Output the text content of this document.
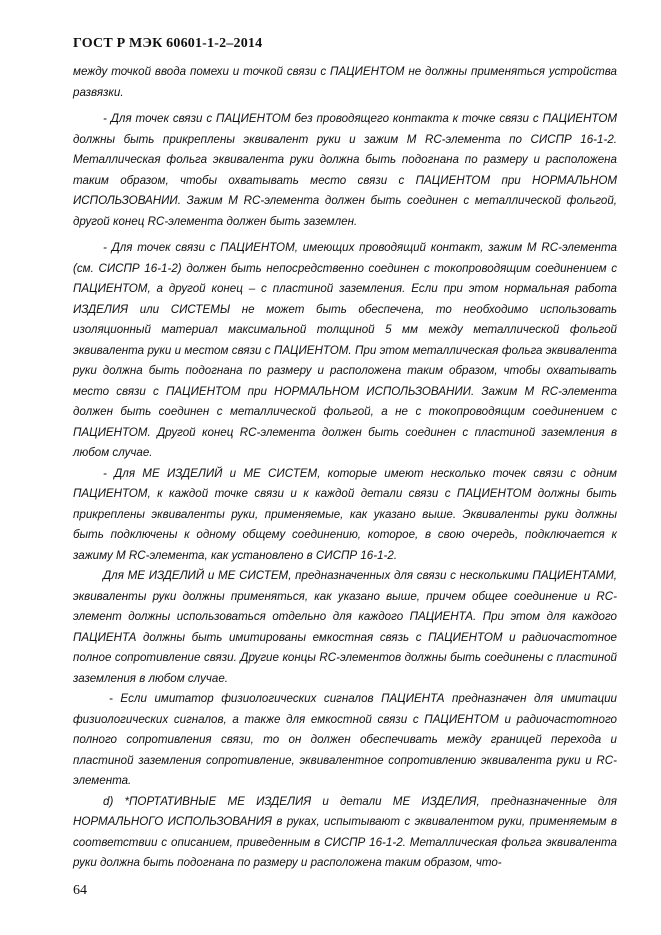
ГОСТ Р МЭК 60601-1-2–2014

между точкой ввода помехи и точкой связи с ПАЦИЕНТОМ не должны применяться устройства развязки.

- Для точек связи с ПАЦИЕНТОМ без проводящего контакта к точке связи с ПАЦИЕНТОМ должны быть прикреплены эквивалент руки и зажим М RC-элемента по СИСПР 16-1-2. Металлическая фольга эквивалента руки должна быть подогнана по размеру и расположена таким образом, чтобы охватывать место связи с ПАЦИЕНТОМ при НОРМАЛЬНОМ ИСПОЛЬЗОВАНИИ. Зажим М RC-элемента должен быть соединен с металлической фольгой, другой конец RC-элемента должен быть заземлен.

- Для точек связи с ПАЦИЕНТОМ, имеющих проводящий контакт, зажим М RC-элемента (см. СИСПР 16-1-2) должен быть непосредственно соединен с токопроводящим соединением с ПАЦИЕНТОМ, а другой конец – с пластиной заземления. Если при этом нормальная работа ИЗДЕЛИЯ или СИСТЕМЫ не может быть обеспечена, то необходимо использовать изоляционный материал максимальной толщиной 5 мм между металлической фольгой эквивалента руки и местом связи с ПАЦИЕНТОМ. При этом металлическая фольга эквивалента руки должна быть подогнана по размеру и расположена таким образом, чтобы охватывать место связи с ПАЦИЕНТОМ при НОРМАЛЬНОМ ИСПОЛЬЗОВАНИИ. Зажим М RC-элемента должен быть соединен с металлической фольгой, а не с токопроводящим соединением с ПАЦИЕНТОМ. Другой конец RC-элемента должен быть соединен с пластиной заземления в любом случае.

- Для МЕ ИЗДЕЛИЙ и МЕ СИСТЕМ, которые имеют несколько точек связи с одним ПАЦИЕНТОМ, к каждой точке связи и к каждой детали связи с ПАЦИЕНТОМ должны быть прикреплены эквиваленты руки, применяемые, как указано выше. Эквиваленты руки должны быть подключены к одному общему соединению, которое, в свою очередь, подключается к зажиму М RC-элемента, как установлено в СИСПР 16-1-2.

Для МЕ ИЗДЕЛИЙ и МЕ СИСТЕМ, предназначенных для связи с несколькими ПАЦИЕНТАМИ, эквиваленты руки должны применяться, как указано выше, причем общее соединение и RC-элемент должны использоваться отдельно для каждого ПАЦИЕНТА. При этом для каждого ПАЦИЕНТА должны быть имитированы емкостная связь с ПАЦИЕНТОМ и радиочастотное полное сопротивление связи. Другие концы RC-элементов должны быть соединены с пластиной заземления в любом случае.

- Если имитатор физиологических сигналов ПАЦИЕНТА предназначен для имитации физиологических сигналов, а также для емкостной связи с ПАЦИЕНТОМ и радиочастотного полного сопротивления связи, то он должен обеспечивать между границей перехода и пластиной заземления сопротивление, эквивалентное сопротивлению эквивалента руки и RC-элемента.

d) *ПОРТАТИВНЫЕ МЕ ИЗДЕЛИЯ и детали МЕ ИЗДЕЛИЯ, предназначенные для НОРМАЛЬНОГО ИСПОЛЬЗОВАНИЯ в руках, испытывают с эквивалентом руки, применяемым в соответствии с описанием, приведенным в СИСПР 16-1-2. Металлическая фольга эквивалента руки должна быть подогнана по размеру и расположена таким образом, что-

64
